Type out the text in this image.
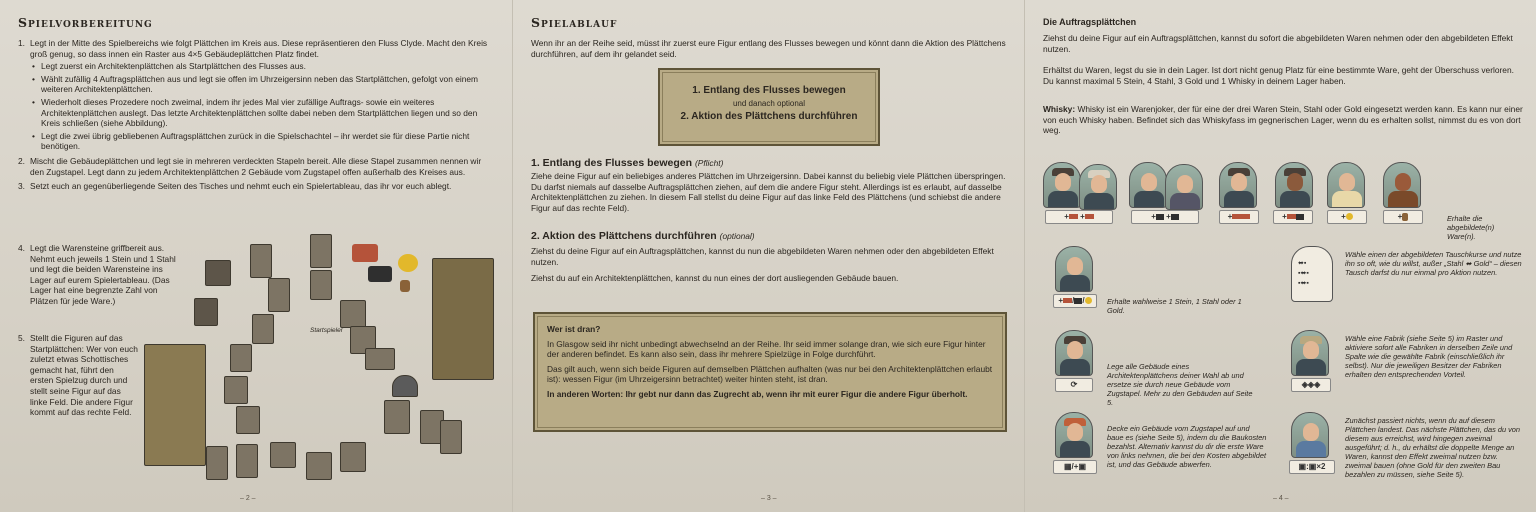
Spielvorbereitung
1. Legt in der Mitte des Spielbereichs wie folgt Plättchen im Kreis aus. Diese repräsentieren den Fluss Clyde. Macht den Kreis groß genug, so dass innen ein Raster aus 4×5 Gebäudeplättchen Platz findet.
• Legt zuerst ein Architektenplättchen als Startplättchen des Flusses aus.
• Wählt zufällig 4 Auftragsplättchen aus und legt sie offen im Uhrzeigersinn neben das Startplättchen, gefolgt von einem weiteren Architektenplättchen.
• Wiederholt dieses Prozedere noch zweimal, indem ihr jedes Mal vier zufällige Auftrags- sowie ein weiteres Architektenplättchen auslegt. Das letzte Architektenplättchen sollte dabei neben dem Startplättchen liegen und so den Kreis schließen (siehe Abbildung).
• Legt die zwei übrig gebliebenen Auftragsplättchen zurück in die Spielschachtel – ihr werdet sie für diese Partie nicht benötigen.
2. Mischt die Gebäudeplättchen und legt sie in mehreren verdeckten Stapeln bereit. Alle diese Stapel zusammen nennen wir den Zugstapel. Legt dann zu jedem Architektenplättchen 2 Gebäude vom Zugstapel offen außerhalb des Kreises aus.
3. Setzt euch an gegenüberliegende Seiten des Tisches und nehmt euch ein Spielertableau, das ihr vor euch ablegt.
4. Legt die Warensteine griffbereit aus. Nehmt euch jeweils 1 Stein und 1 Stahl und legt die beiden Warensteine ins Lager auf eurem Spielertableau. (Das Lager hat eine begrenzte Zahl von Plätzen für jede Ware.)
5. Stellt die Figuren auf das Startplättchen: Wer von euch zuletzt etwas Schottisches gemacht hat, führt den ersten Spielzug durch und stellt seine Figur auf das linke Feld. Die andere Figur kommt auf das rechte Feld.
Startspieler
– 2 –
Spielablauf

Wenn ihr an der Reihe seid, müsst ihr zuerst eure Figur entlang des Flusses bewegen und könnt dann die Aktion des Plättchens durchführen, auf dem ihr gelandet seid.

1. Entlang des Flusses bewegen
und danach optional
2. Aktion des Plättchens durchführen
1. Entlang des Flusses bewegen (Pflicht)

Ziehe deine Figur auf ein beliebiges anderes Plättchen im Uhrzeigersinn. Dabei kannst du beliebig viele Plättchen überspringen. Du darfst niemals auf dasselbe Auftragsplättchen ziehen, auf dem die andere Figur steht. Allerdings ist es erlaubt, auf dasselbe Architektenplättchen zu ziehen. In diesem Fall stellst du deine Figur auf das linke Feld des Plättchens (und schiebst die andere Figur auf das rechte Feld).

2. Aktion des Plättchens durchführen (optional)

Ziehst du deine Figur auf ein Auftragsplättchen, kannst du nun die abgebildeten Waren nehmen oder den abgebildeten Effekt nutzen.

Ziehst du auf ein Architektenplättchen, kannst du nun eines der dort ausliegenden Gebäude bauen.

Wer ist dran?

In Glasgow seid ihr nicht unbedingt abwechselnd an der Reihe. Ihr seid immer solange dran, wie sich eure Figur hinter der anderen befindet. Es kann also sein, dass ihr mehrere Spielzüge in Folge durchführt.

Das gilt auch, wenn sich beide Figuren auf demselben Plättchen aufhalten (was nur bei den Architektenplättchen erlaubt ist): wessen Figur (im Uhrzeigersinn betrachtet) weiter hinten steht, ist dran.

In anderen Worten: Ihr gebt nur dann das Zugrecht ab, wenn ihr mit eurer Figur die andere Figur überholt.

– 3 –
Die Auftragsplättchen

Ziehst du deine Figur auf ein Auftragsplättchen, kannst du sofort die abgebildeten Waren nehmen oder den abgebildeten Effekt nutzen.

Erhältst du Waren, legst du sie in dein Lager. Ist dort nicht genug Platz für eine bestimmte Ware, geht der Überschuss verloren. Du kannst maximal 5 Stein, 4 Stahl, 3 Gold und 1 Whisky in deinem Lager haben.

Whisky: Whisky ist ein Warenjoker, der für eine der drei Waren Stein, Stahl oder Gold eingesetzt werden kann. Es kann nur einer von euch Whisky haben. Befindet sich das Whiskyfass im gegnerischen Lager, wenn du es erhalten sollst, nimmst du es von dort weg.

+ +	+ +	+	+	+	+	Erhalte die abgebildete(n) Ware(n).
+ / /	Erhalte wahlweise 1 Stein, 1 Stahl oder 1 Gold.
⟳
Lege alle Gebäude eines Architektenplättchens deiner Wahl ab und ersetze sie durch neue Gebäude vom Zugstapel. Mehr zu den Gebäuden auf Seite 5.
▦/+▣
Decke ein Gebäude vom Zugstapel auf und baue es (siehe Seite 5), indem du die Baukosten bezahlst. Alternativ kannst du dir die erste Ware von links nehmen, die bei den Kosten abgebildet ist, und das Gebäude abwerfen.
⬌▪
▪⬌▪
▪⬌▪
Wähle einen der abgebildeten Tauschkurse und nutze ihn so oft, wie du willst, außer „Stahl ⬌ Gold“ – diesen Tausch darfst du nur einmal pro Aktion nutzen.
◈◈◈
Wähle eine Fabrik (siehe Seite 5) im Raster und aktiviere sofort alle Fabriken in derselben Zeile und Spalte wie die gewählte Fabrik (einschließlich ihr selbst). Nur die jeweiligen Besitzer der Fabriken erhalten den entsprechenden Vorteil.
▣:▣×2
Zunächst passiert nichts, wenn du auf diesem Plättchen landest. Das nächste Plättchen, das du von diesem aus erreichst, wird hingegen zweimal ausgeführt; d. h., du erhältst die doppelte Menge an Waren, kannst den Effekt zweimal nutzen bzw. zweimal bauen (ohne Gold für den zweiten Bau bezahlen zu müssen, siehe Seite 5).
– 4 –
